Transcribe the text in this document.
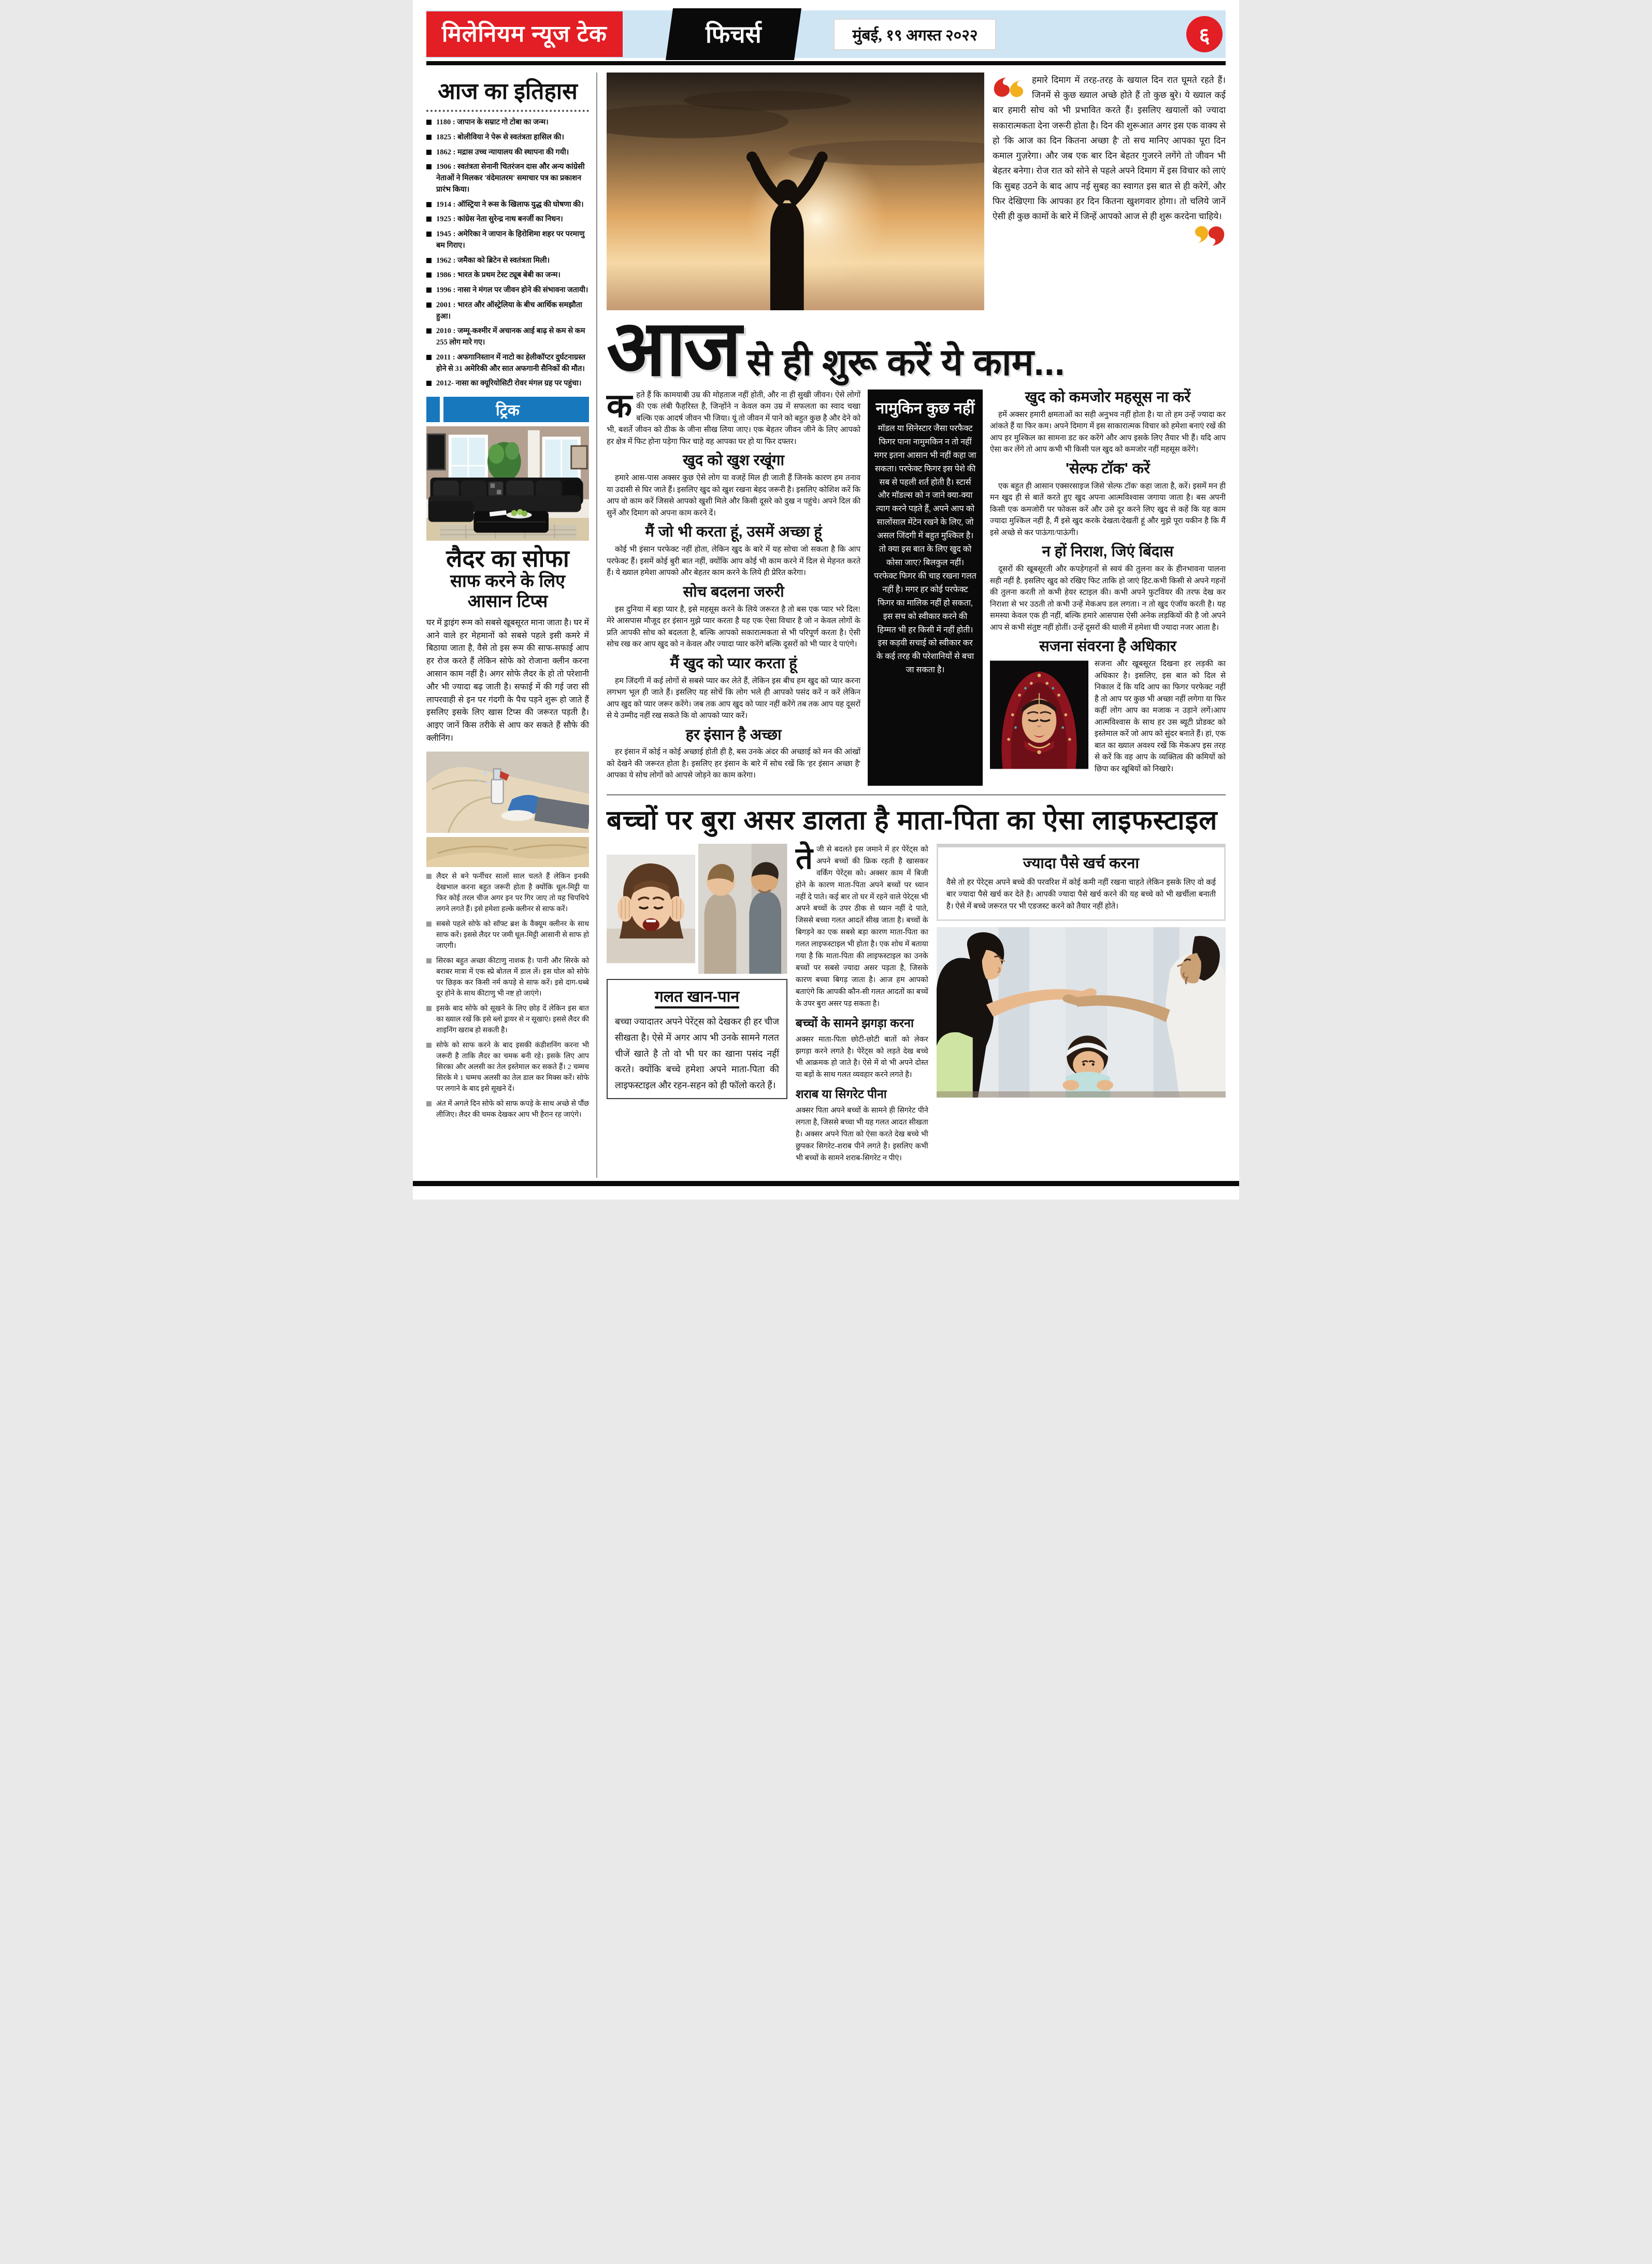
मिलेनियम न्यूज टेक	फिचर्स	मुंबई, १९ अगस्त २०२२	६
आज का इतिहास
1180 : जापान के सम्राट गो टोबा का जन्म।
1825 : बोलीविया ने पेरू से स्वतंत्रता हासिल की।
1862 : मद्रास उच्च न्यायालय की स्थापना की गयी।
1906 : स्वतंत्रता सेनानी चितरंजन दास और अन्य कांग्रेसी नेताओं ने मिलकर 'वंदेमातरम' समाचार पत्र का प्रकाशन प्रारंभ किया।
1914 : ऑस्ट्रिया ने रूस के खिलाफ युद्ध की घोषणा की।
1925 : कांग्रेस नेता सुरेन्द्र नाथ बनर्जी का निधन।
1945 : अमेरिका ने जापान के हिरोशिमा शहर पर परमाणु बम गिराए।
1962 : जमैका को ब्रिटेन से स्वतंत्रता मिली।
1986 : भारत के प्रथम टेस्ट ट्यूब बेबी का जन्म।
1996 : नासा ने मंगल पर जीवन होने की संभावना जतायी।
2001 : भारत और ऑस्ट्रेलिया के बीच आर्थिक समझौता हुआ।
2010 : जम्मू-कश्मीर में अचानक आई बाढ़ से कम से कम 255 लोग मारे गए।
2011 : अफगानिस्तान में नाटो का हेलीकॉप्टर दुर्घटनाग्रस्त होने से 31 अमेरिकी और सात अफगानी सैनिकों की मौत।
2012- नासा का क्यूरियोसिटी रोवर मंगल ग्रह पर पहुंचा।
ट्रिक
लैदर का सोफा
साफ करने के लिए
आसान टिप्स

घर में ड्राइंग रूम को सबसे खूबसूरत माना जाता है। घर में आने वाले हर मेहमानों को सबसे पहले इसी कमरे में बिठाया जाता है, वैसे तो इस रूम की साफ-सफाई आप हर रोज करते हैं लेकिन सोफे को रोजाना क्लीन करना आसान काम नहीं है। अगर सोफे लैदर के हो तो परेशानी और भी ज्यादा बढ़ जाती है। सफाई में की गई जरा सी लापरवाही से इन पर गंदगी के पैच पड़ने शुरू हो जाते हैं इसलिए इसके लिए खास टिप्स की जरूरत पड़ती है। आइए जानें किस तरीके से आप कर सकते हैं सौफे की क्लीनिंग।

लैदर से बने फर्नीचर सालों साल चलते हैं लेकिन इनकी देखभाल करना बहुत जरूरी होता है क्योंकि धूल-मिट्टी या फिर कोई तरल चीज अगर इन पर गिर जाए तो यह चिपचिपे लगने लगते हैं। इसे हमेशा हल्के क्लीनर से साफ करें।
सबसे पहले सोफे को सॉफ्ट ब्रश के वैक्यूम क्लीनर के साथ साफ करें। इससे लैदर पर जमी धूल-मिट्टी आसानी से साफ हो जाएगी।
सिरका बहुत अच्छा कीटाणु नाशक है। पानी और सिरके को बराबर मात्रा में एक स्प्रे बोतल में डाल लें। इस घोल को सोफे पर छिड़क कर किसी नर्म कपड़े से साफ करें। इसे दाग-धब्बे दूर होने के साथ कीटाणु भी नष्ट हो जाएंगे।
इसके बाद सोफे को सूखने के लिए छोड़ दें लेकिन इस बात का ख्याल रखें कि इसे ब्लो ड्रायर से न सूखाएं। इससे लैदर की शाइनिंग खराब हो सकती है।
सोफे को साफ करने के बाद इसकी कंडीशनिंग करना भी जरूरी है ताकि लैदर का चमक बनी रहे। इसके लिए आप सिरका और अलसी का तेल इस्तेमाल कर सकते हैं। 2 चम्मच सिरके मे 1 चम्मच अलसी का तेल डाल कर मिक्स करें। सोफे पर लगाने के बाद इसे सूखने दें।
अंत में अगले दिन सोफे को साफ कपड़े के साथ अच्छे से पौंछ लीजिए। लैदर की चमक देखकर आप भी हैरान रह जाएंगे।
हमारे दिमाग में तरह-तरह के खयाल दिन रात घूमते रहते हैं। जिनमें से कुछ ख्याल अच्छे होते हैं तो कुछ बुरे। ये ख्याल कई बार हमारी सोच को भी प्रभावित करते हैं। इसलिए खयालों को ज्यादा सकारात्मकता देना जरूरी होता है। दिन की शुरूआत अगर इस एक वाक्य से हो 'कि आज का दिन कितना अच्छा है' तो सच मानिए आपका पूरा दिन कमाल गुज़रेगा। और जब एक बार दिन बेहतर गुजरने लगेंगे तो जीवन भी बेहतर बनेगा। रोज रात को सोने से पहले अपने दिमाग में इस विचार को लाएं कि सुबह उठने के बाद आप नई सुबह का स्वागत इस बात से ही करेगें, और फिर देखिएगा कि आपका हर दिन कितना खुशगवार होगा। तो चलिये जानें ऐसी ही कुछ कामों के बारे में जिन्हें आपको आज से ही शुरू करदेना चाहिये।
आज से ही शुरू करें ये काम...

कहते हैं कि कामयाबी उम्र की मोहताज नहीं होती, और ना ही सुखी जीवन। ऐसे लोगों की एक लंबी फैहरिस्त है, जिन्होंने न केवल कम उम्र में सफलता का स्वाद चखा बल्कि एक आदर्ष जीवन भी जिया। यूं तो जीवन में पाने को बहुत कुछ है और देने को भी, बशर्ते जीवन को ठीक के जीना सीख लिया जाए। एक बेहतर जीवन जीने के लिए आपको हर क्षेत्र में फिट होना पड़ेगा फिर चाहे वह आपका घर हो या फिर दफ्तर।

खुद को खुश रखूंगा

हमारे आस-पास अक्सर कुछ ऐसे लोग या वजहें मिल ही जाती हैं जिनके कारण हम तनाव या उदासी से घिर जाते हैं। इसलिए खुद को खुश रखना बेहद जरूरी है। इसलिए कोशिश करें कि आप वो काम करें जिससे आपको खुशी मिले और किसी दूसरे को दुख न पहुंचे। अपने दिल की सुनें और दिमाग को अपना काम करने दें।

मैं जो भी करता हूं, उसमें अच्छा हूं

कोई भी इंसान परफेक्ट नहीं होता, लेकिन खुद के बारे में यह सोचा जो सकता है कि आप परफेक्ट हैं। इसमें कोई बुरी बात नहीं, क्योंकि आप कोई भी काम करने में दिल से मेहनत करते हैं। ये ख्याल हमेशा आपको और बेहतर काम करने के लिये ही प्रेरित करेगा।

सोच बदलना जरुरी

इस दुनिया में बड़ा प्यार है, इसे महसूस करने के लिये जरूरत है तो बस एक प्यार भरे दिल! मेरे आसपास मौजूद हर इंसान मुझे प्यार करता है यह एक ऐसा विचार है जो न केवल लोगों के प्रति आपकी सोच को बदलता है, बल्कि आपको सकारात्मकता से भी परिपूर्ण करता है। ऐसी सोच रख कर आप खुद को न केवल और ज्यादा प्यार करेंगे बल्कि दूसरों को भी प्यार दे पाएंगे।

मैं खुद को प्यार करता हूं

हम जिंदगी में कई लोगों से सबसे प्यार कर लेते हैं, लेकिन इस बीच हम खुद को प्यार करना लगभग भूल ही जाते हैं। इसलिए यह सोचें कि लोग भले ही आपको पसंद करें न करें लेकिन आप खुद को प्यार जरूर करेंगे। जब तक आप खुद को प्यार नहीं करेंगे तब तक आप यह दूसरों से ये उम्मीद नहीं रख सकते कि वो आपको प्यार करें।

हर इंसान है अच्छा

हर इंसान में कोई न कोई अच्छाई होती ही है, बस उनके अंदर की अच्छाई को मन की आंखों को देखने की जरूरत होता है। इसलिए हर इंसान के बारे में सोच रखें कि 'हर इंसान अच्छा है' आपका ये सोच लोगों को आपसे जोड़ने का काम करेगा।

नामुकिन कुछ नहीं

मॉडल या सिनेस्टार जैसा परफैक्ट फिगर पाना नामुमकिन न तो नहीं मगर इतना आसान भी नहीं कहा जा सकता। परफेक्ट फिगर इस पेशे की सब से पहली शर्त होती है। स्टार्स और मॉडल्स को न जाने क्या-क्या त्याग करने पड़ते हैं, अपने आप को सालोंसाल मेंटेन रखने के लिए, जो असल जिंदगी में बहुत मुश्किल है। तो क्या इस बात के लिए खुद को कोसा जाए? बिलकुल नहीं। परफेक्ट फिगर की चाह रखना गलत नहीं है। मगर हर कोई परफेक्ट फिगर का मालिक नहीं हो सकता, इस सच को स्वीकार करने की हिम्मत भी हर किसी में नहीं होती। इस कड़वी सचाई को स्वीकार कर के कई तरह की परेशानियों से बचा जा सकता है।

खुद को कमजोर महसूस ना करें

हमें अक्सर हमारी क्षमताओं का सही अनुभव नहीं होता है। या तो हम उन्हें ज्यादा कर आंकते हैं या फिर कम। अपने दिमाग में इस साकारात्मक विचार को हमेशा बनाएं रखें की आप हर मुश्किल का सामना डट कर करेंगे और आप इसके लिए तैयार भी हैं। यदि आप ऐसा कर लेंगे तो आप कभी भी किसी पल खुद को कमजोर नहीं महसूस करेंगे।

'सेल्फ टॉक' करें

एक बहुत ही आसान एक्सरसाइज जिसे 'सेल्फ टॉक' कहा जाता है, करें। इसमें मन ही मन खुद ही से बातें करते हुए खुद अपना आत्मविश्वास जगाया जाता है। बस अपनी किसी एक कमजोरी पर फोकस करें और उसे दूर करने लिए खुद से कहें कि यह काम ज्यादा मुश्किल नहीं है, मैं इसे खुद करके देखता/देखती हूं और मुझे पूरा यकीन है कि मैं इसे अच्छे से कर पाऊंगा/पाऊंगी।

न हों निराश, जिएं बिंदास

दूसरों की खूबसूरती और कपड़ेगहनों से स्वयं की तुलना कर के हीनभावना पालना सही नहीं है. इसलिए खुद को रखिए फिट ताकि हो जाएं हिट.कभी किसी से अपने गहनों की तुलना करती तो कभी हेयर स्टाइल की। कभी अपने फुटवियर की तरफ देख कर निराशा से भर उठती तो कभी उन्हें मेकअप डल लगता। न तो खुद एंजॉय करती है। यह समस्या केवल एक ही नहीं, बल्कि हमारे आसपास ऐसी अनेक लड़कियों की है जो अपने आप से कभी संतुष्ट नहीं होतीं। उन्हें दूसरों की थाली में हमेशा घी ज्यादा नजर आता है।

सजना संवरना है अधिकार

सजना और खूबसूरत दिखना हर लड़की का अधिकार है। इसलिए, इस बात को दिल से निकाल दें कि यदि आप का फिगर परफेक्ट नहीं है तो आप पर कुछ भी अच्छा नहीं लगेगा या फिर कहीं लोग आप का मजाक न उड़ाने लगें।आप आत्मविश्वास के साथ हर उस ब्यूटी प्रोडक्ट को इस्तेमाल करें जो आप को सुंदर बनाते हैं। हां, एक बात का ख्याल अवश्य रखें कि मेकअप इस तरह से करें कि वह आप के व्यक्तित्व की कमियों को छिपा कर खूबियों को निखारे।

बच्चों पर बुरा असर डालता है माता-पिता का ऐसा लाइफस्टाइल
गलत खान-पान

बच्चा ज्यादातर अपने पेरेंट्स को देखकर ही हर चीज सीखता है। ऐसे में अगर आप भी उनके सामने गलत चीजें खाते है तो वो भी घर का खाना पसंद नहीं करते। क्योंकि बच्चे हमेशा अपने माता-पिता की लाइफस्टाइल और रहन-सहन को ही फॉलो करते हैं।

तेजी से बदलते इस जमाने में हर पेरेंट्स को अपने बच्चों की फ्रिक रहती है खासकर वर्किंग पेरेंट्स को। अक्सर काम में बिजी होने के कारण माता-पिता अपने बच्चों पर ध्यान नहीं दे पाते। कई बार तो घर में रहने वाले पेरेट्स भी अपने बच्चों के उपर ठीक से ध्यान नहीं दे पाते, जिससे बच्चा गलत आदतें सीख जाता है। बच्चों के बिगड़ने का एक सबसे बड़ा कारण माता-पिता का गलत लाइफस्टाइल भी होता है। एक शोध में बताया गया है कि माता-पिता की लाइफस्टाइल का उनके बच्चों पर सबसे ज्यादा असर पड़ता है, जिसके कारण बच्चा बिगड़ जाता है। आज हम आपको बताएंगे कि आपकी कौन-सी गलत आदतों का बच्चें के उपर बुरा असर पड़ सकता है।

बच्चों के सामने झगड़ा करना

अक्सर माता-पिता छोटी-छोटी बातों को लेकर झगड़ा करने लगते है। पेरेंट्स को लड़ते देख बच्चे भी आक्रमक हो जाते है। ऐसे में वो भी अपने दोस्त या बड़ों के साथ गलत व्यवहार करने लगते है।

शराब या सिगरेट पीना

अक्सर पिता अपने बच्चों के सामने ही सिगरेट पीने लगता है, जिससे बच्चा भी यह गलत आदत सीखता है। अक्सर अपने पिता को ऐसा करते देख बच्चे भी छुपकर सिगरेट-शराब पीने लगते है। इसलिए कभी भी बच्चों के सामने शराब-सिगरेट न पीएं।

ज्यादा पैसे खर्च करना

वैसे तो हर पेरेट्स अपने बच्चे की परवरिश में कोई कमी नहीं रखना चाहते लेकिन इसके लिए वो कई बार ज्यादा पैसे खर्च कर देते है। आपकी ज्यादा पैसे खर्च करने की यह बच्चे को भी खर्चीला बनाती है। ऐसे में बच्चे जरूरत पर भी एडजस्ट करने को तैयार नहीं होते।
